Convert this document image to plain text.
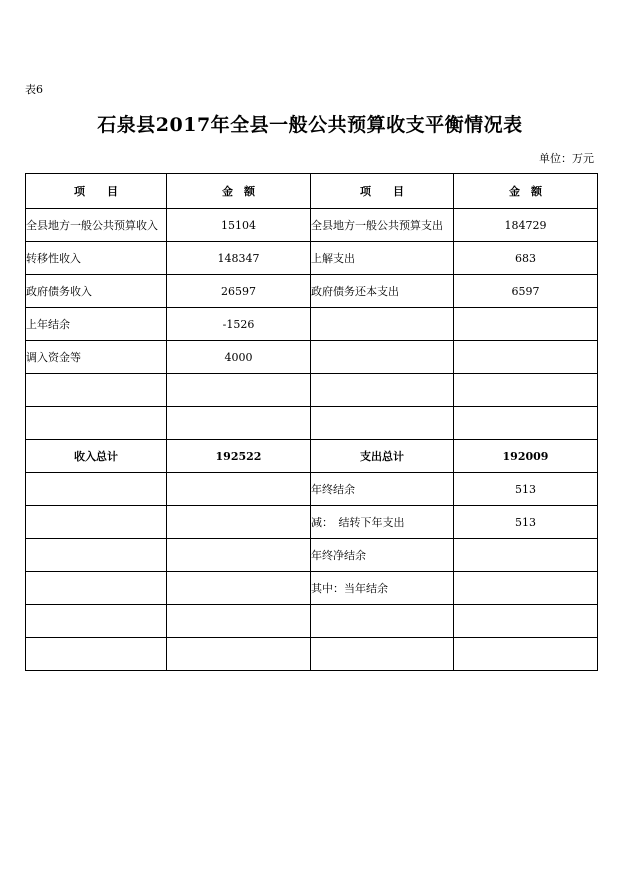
表6
石泉县2017年全县一般公共预算收支平衡情况表
单位：万元
项　　目	金　额	项　　目	金　额
全县地方一般公共预算收入	15104	全县地方一般公共预算支出	184729
转移性收入	148347	上解支出	683
政府债务收入	26597	政府债务还本支出	6597
上年结余	-1526		
调入资金等	4000		

收入总计	192522	支出总计	192009
		年终结余	513
		减：　结转下年支出	513
		年终净结余	
		其中：当年结余	
